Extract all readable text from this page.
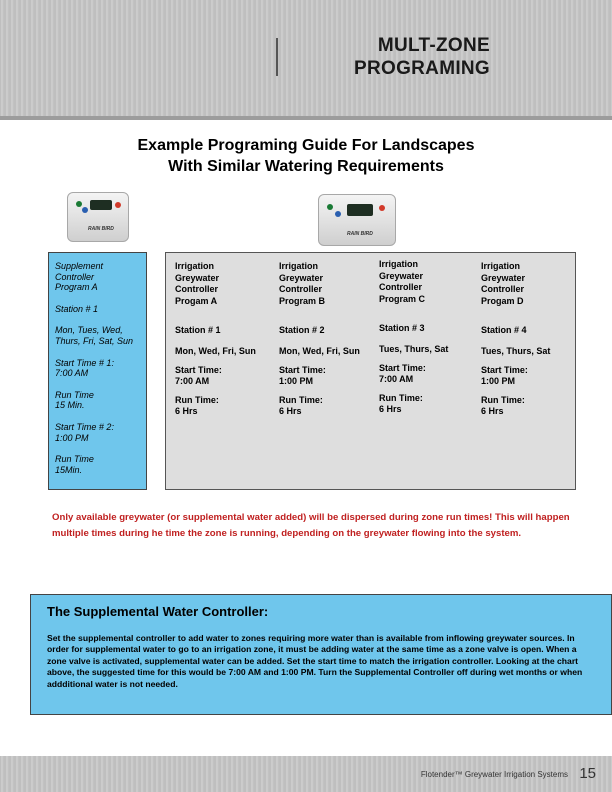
MULT-ZONE
PROGRAMING
Example Programing Guide For Landscapes
With Similar Watering Requirements
RAIN BIRD
RAIN BIRD
Supplement
Controller
Program A
Station # 1
Mon, Tues, Wed,
Thurs, Fri, Sat, Sun
Start Time # 1:
7:00 AM
Run Time
15 Min.
Start Time # 2:
1:00 PM
Run Time
15Min.
Irrigation
Greywater
Controller
Progam A
Station # 1
Mon, Wed, Fri, Sun
Start Time:
7:00 AM
Run Time:
6 Hrs
Irrigation
Greywater
Controller
Program B
Station # 2
Mon, Wed, Fri, Sun
Start Time:
1:00 PM
Run Time:
6 Hrs
Irrigation
Greywater
Controller
Program C
Station # 3
Tues, Thurs, Sat
Start Time:
7:00 AM
Run Time:
6 Hrs
Irrigation
Greywater
Controller
Progam D
Station # 4
Tues, Thurs, Sat
Start Time:
1:00 PM
Run Time:
6 Hrs
Only available greywater (or supplemental water added) will be dispersed during zone run times! This will happen multiple times during he time the zone is running, depending on the greywater flowing into the system.
The Supplemental Water Controller:
Set the supplemental controller to add water to zones requiring more water than is available from inflowing greywater sources. In order for supplemental water to go to an irrigation zone, it must be adding water at the same time as a zone valve is open. When a zone valve is activated, supplemental water can be added. Set the start time to match the irrigation controller. Looking at the chart above, the suggested time for this would be 7:00 AM and 1:00 PM. Turn the Supplemental Controller off during wet months or when addditional water is not needed.
Flotender™ Greywater Irrigation Systems 15
